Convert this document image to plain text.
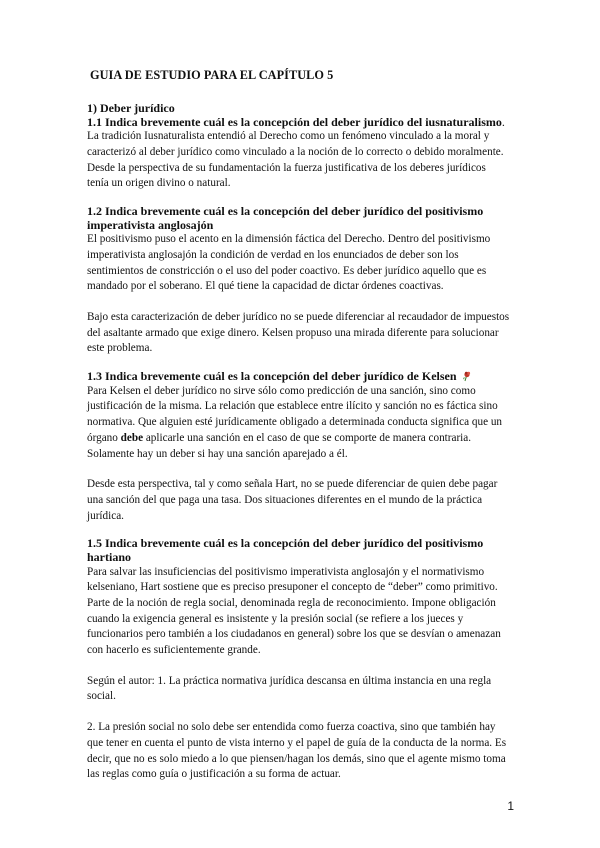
GUIA DE ESTUDIO PARA EL CAPÍTULO 5

1) Deber jurídico

1.1 Indica brevemente cuál es la concepción del deber jurídico del iusnaturalismo.

La tradición Iusnaturalista entendió al Derecho como un fenómeno vinculado a la moral y caracterizó al deber jurídico como vinculado a la noción de lo correcto o debido moralmente. Desde la perspectiva de su fundamentación la fuerza justificativa de los deberes jurídicos tenía un origen divino o natural.

1.2 Indica brevemente cuál es la concepción del deber jurídico del positivismo imperativista anglosajón

El positivismo puso el acento en la dimensión fáctica del Derecho. Dentro del positivismo imperativista anglosajón la condición de verdad en los enunciados de deber son los sentimientos de constricción o el uso del poder coactivo. Es deber jurídico aquello que es mandado por el soberano. El qué tiene la capacidad de dictar órdenes coactivas.

Bajo esta caracterización de deber jurídico no se puede diferenciar al recaudador de impuestos del asaltante armado que exige dinero. Kelsen propuso una mirada diferente para solucionar este problema.

1.3 Indica brevemente cuál es la concepción del deber jurídico de Kelsen

Para Kelsen el deber jurídico no sirve sólo como predicción de una sanción, sino como justificación de la misma. La relación que establece entre ilícito y sanción no es fáctica sino normativa. Que alguien esté jurídicamente obligado a determinada conducta significa que un órgano debe aplicarle una sanción en el caso de que se comporte de manera contraria. Solamente hay un deber si hay una sanción aparejado a él.

Desde esta perspectiva, tal y como señala Hart, no se puede diferenciar de quien debe pagar una sanción del que paga una tasa. Dos situaciones diferentes en el mundo de la práctica jurídica.

1.5 Indica brevemente cuál es la concepción del deber jurídico del positivismo hartiano

Para salvar las insuficiencias del positivismo imperativista anglosajón y el normativismo kelseniano, Hart sostiene que es preciso presuponer el concepto de “deber” como primitivo. Parte de la noción de regla social, denominada regla de reconocimiento. Impone obligación cuando la exigencia general es insistente y la presión social (se refiere a los jueces y funcionarios pero también a los ciudadanos en general) sobre los que se desvían o amenazan con hacerlo es suficientemente grande.

Según el autor: 1. La práctica normativa jurídica descansa en última instancia en una regla social.

2. La presión social no solo debe ser entendida como fuerza coactiva, sino que también hay que tener en cuenta el punto de vista interno y el papel de guía de la conducta de la norma. Es decir, que no es solo miedo a lo que piensen/hagan los demás, sino que el agente mismo toma las reglas como guía o justificación a su forma de actuar.

1
